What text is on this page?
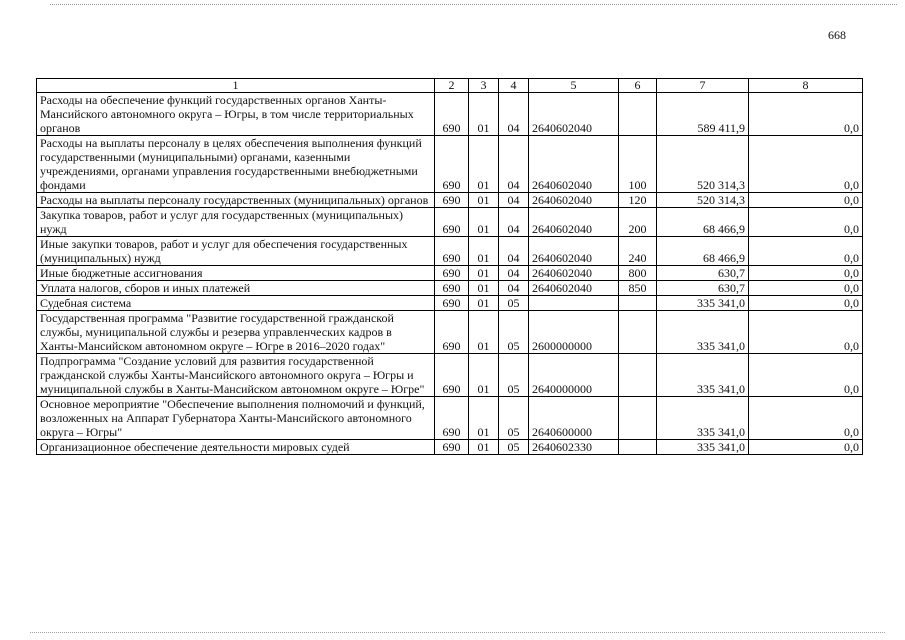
668
1	2	3	4	5	6	7	8
Расходы на обеспечение функций государственных органов Ханты-Мансийского автономного округа – Югры, в том числе территориальных органов	690	01	04	2640602040		589 411,9	0,0
Расходы на выплаты персоналу в целях обеспечения выполнения функций государственными (муниципальными) органами, казенными учреждениями, органами управления государственными внебюджетными фондами	690	01	04	2640602040	100	520 314,3	0,0
Расходы на выплаты персоналу государственных (муниципальных) органов	690	01	04	2640602040	120	520 314,3	0,0
Закупка товаров, работ и услуг для государственных (муниципальных) нужд	690	01	04	2640602040	200	68 466,9	0,0
Иные закупки товаров, работ и услуг для обеспечения государственных (муниципальных) нужд	690	01	04	2640602040	240	68 466,9	0,0
Иные бюджетные ассигнования	690	01	04	2640602040	800	630,7	0,0
Уплата налогов, сборов и иных платежей	690	01	04	2640602040	850	630,7	0,0
Судебная система	690	01	05			335 341,0	0,0
Государственная программа "Развитие государственной гражданской службы, муниципальной службы и резерва управленческих кадров в Ханты-Мансийском автономном округе – Югре в 2016–2020 годах"	690	01	05	2600000000		335 341,0	0,0
Подпрограмма "Создание условий для развития государственной гражданской службы Ханты-Мансийского автономного округа – Югры и муниципальной службы в Ханты-Мансийском автономном округе – Югре"	690	01	05	2640000000		335 341,0	0,0
Основное мероприятие "Обеспечение выполнения полномочий и функций, возложенных на Аппарат Губернатора Ханты-Мансийского автономного округа – Югры"	690	01	05	2640600000		335 341,0	0,0
Организационное обеспечение деятельности мировых судей	690	01	05	2640602330		335 341,0	0,0
